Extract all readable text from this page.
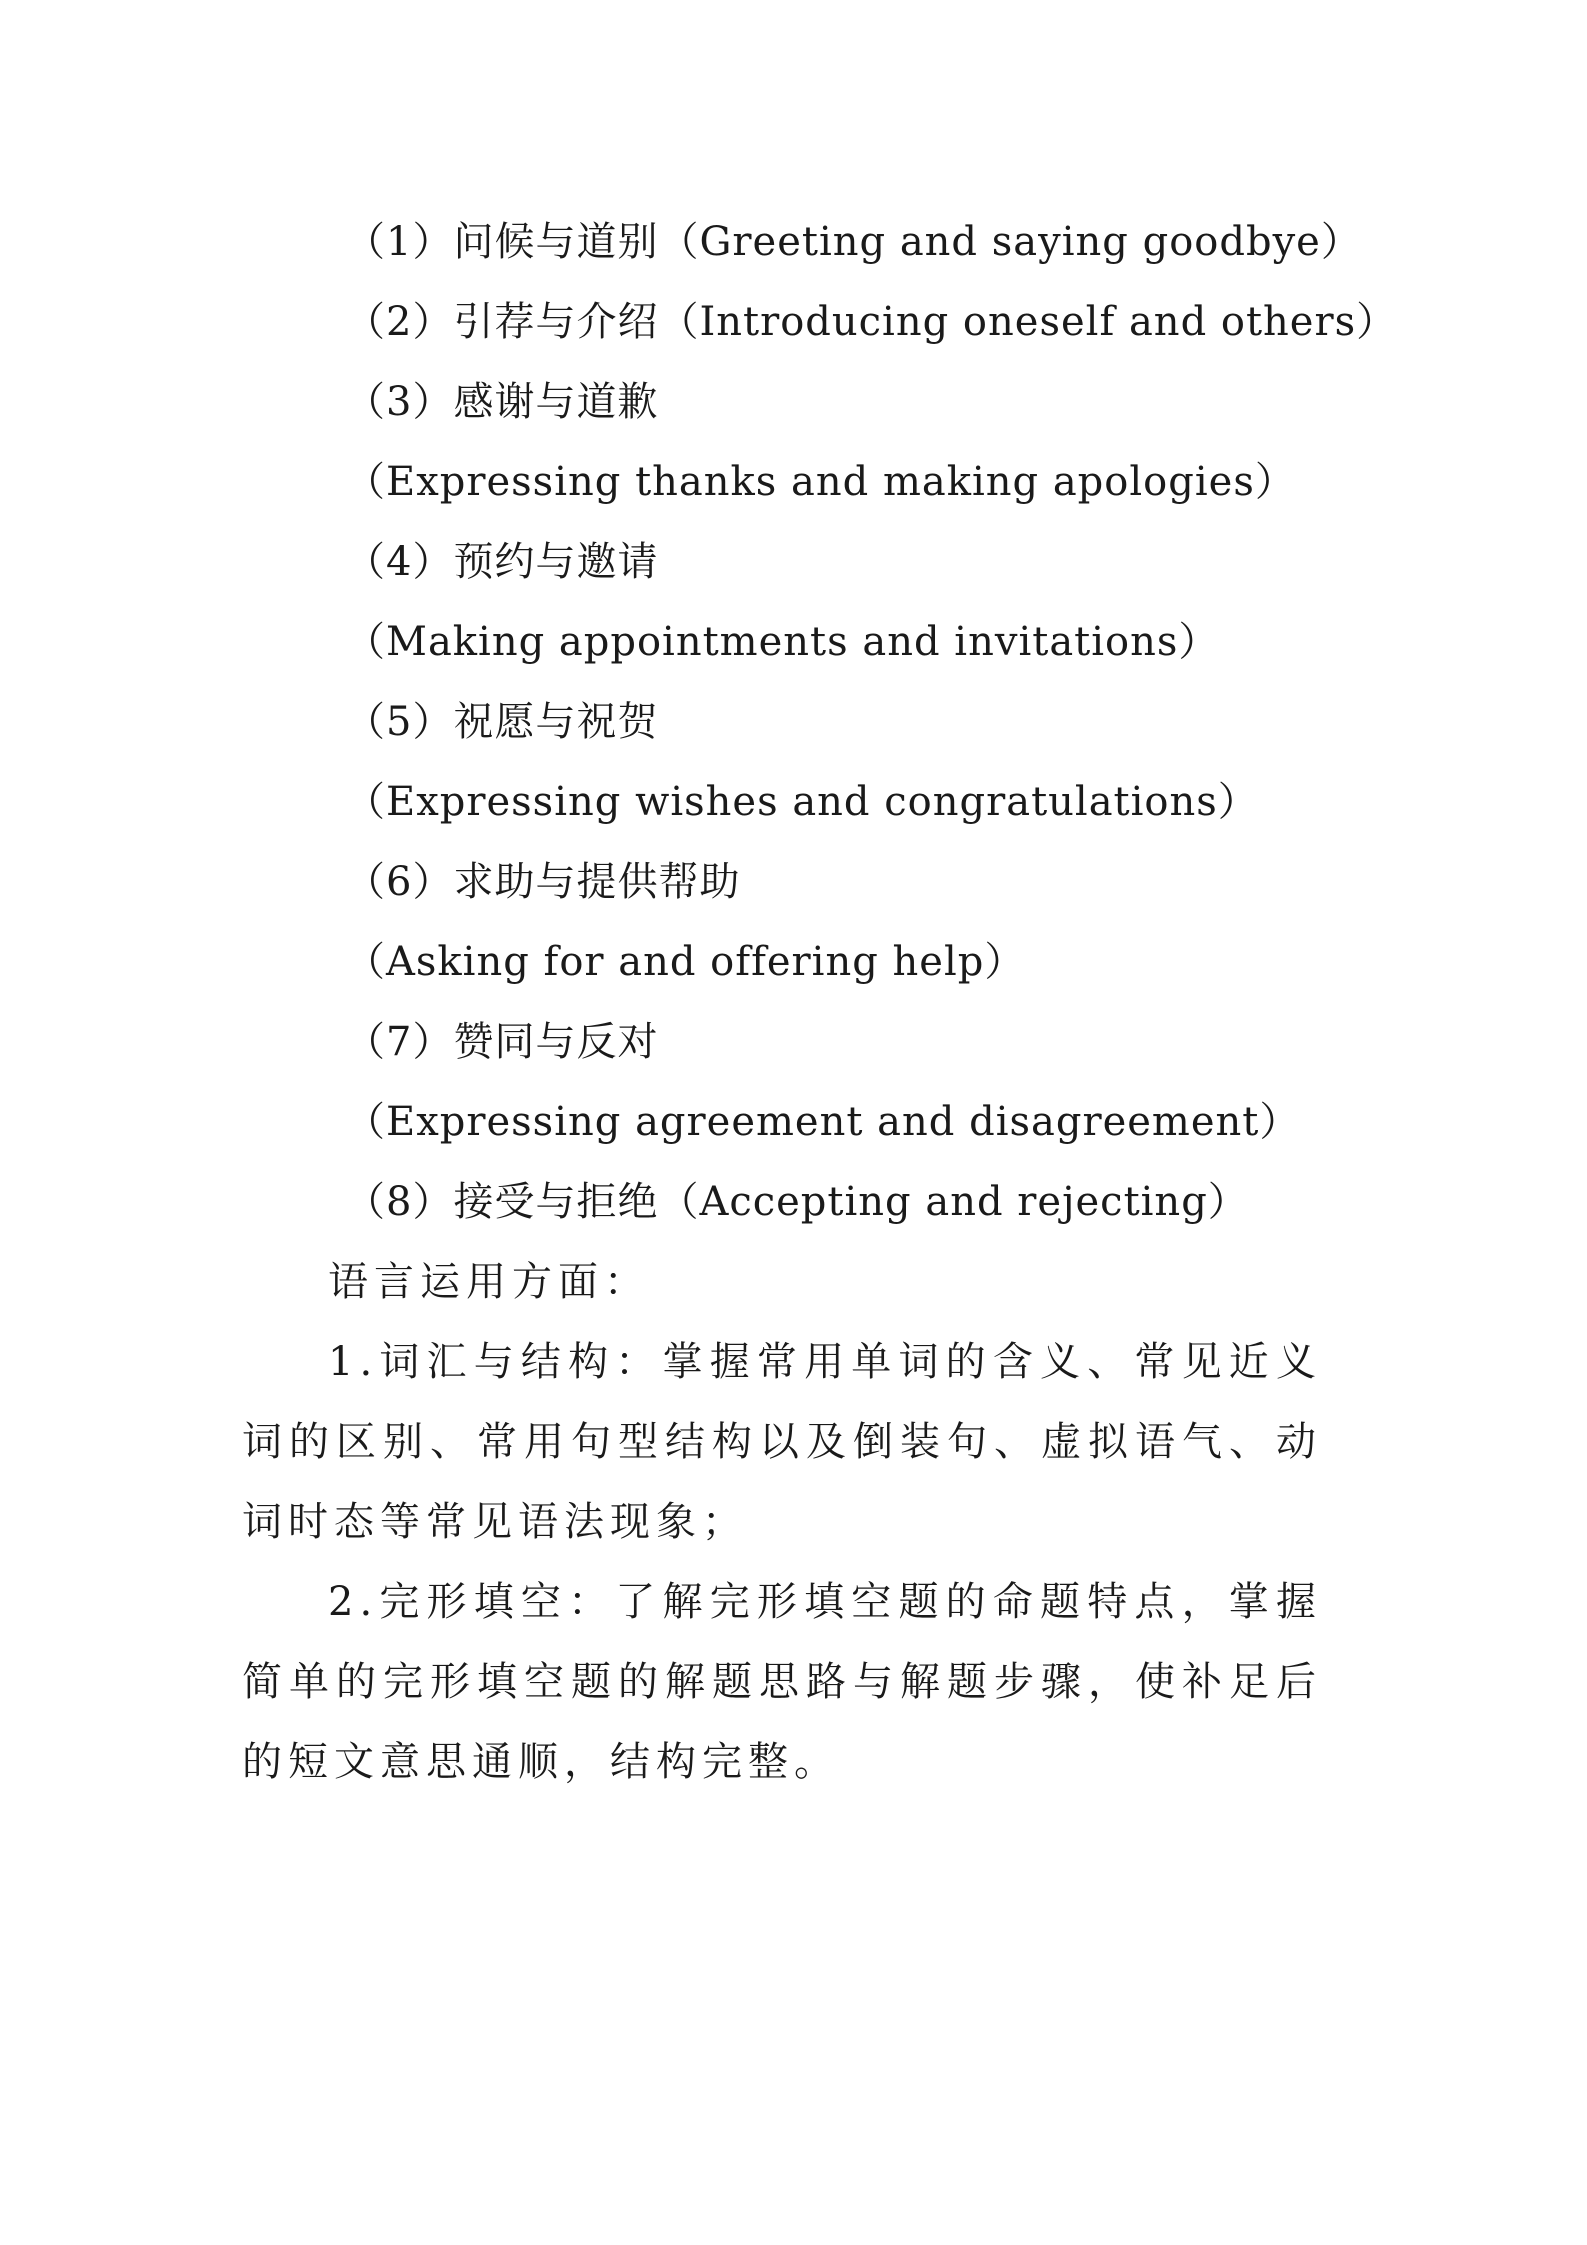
（1）问候与道别（Greeting and saying goodbye）
（2）引荐与介绍（Introducing oneself and others）
（3）感谢与道歉
（Expressing thanks and making apologies）
（4）预约与邀请
（Making appointments and invitations）
（5）祝愿与祝贺
（Expressing wishes and congratulations）
（6）求助与提供帮助
（Asking for and offering help）
（7）赞同与反对
（Expressing agreement and disagreement）
（8）接受与拒绝（Accepting and rejecting）
语言运用方面：
1.词汇与结构：掌握常用单词的含义、常见近义词的区别、常用句型结构以及倒装句、虚拟语气、动词时态等常见语法现象；
2.完形填空：了解完形填空题的命题特点，掌握简单的完形填空题的解题思路与解题步骤，使补足后的短文意思通顺，结构完整。
